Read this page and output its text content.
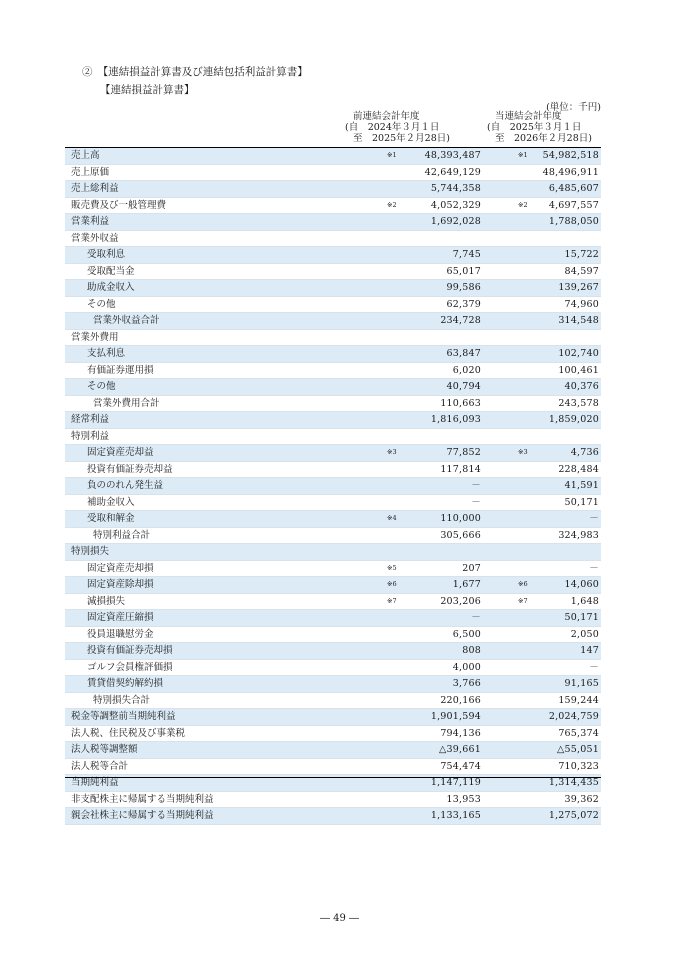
②　【連結損益計算書及び連結包括利益計算書】
【連結損益計算書】
(単位：千円)
前連結会計年度
(自　2024年３月１日
至　2025年２月28日)
当連結会計年度
(自　2025年３月１日
至　2026年２月28日)
売上高	※1	48,393,487	※1 54,982,518
売上原価	42,649,129	48,496,911
売上総利益	5,744,358	6,485,607
販売費及び一般管理費	※2	4,052,329	※2 4,697,557
営業利益	1,692,028	1,788,050
営業外収益
受取利息	7,745	15,722
受取配当金	65,017	84,597
助成金収入	99,586	139,267
その他	62,379	74,960
営業外収益合計	234,728	314,548
営業外費用
支払利息	63,847	102,740
有価証券運用損	6,020	100,461
その他	40,794	40,376
営業外費用合計	110,663	243,578
経常利益	1,816,093	1,859,020
特別利益
固定資産売却益	※3	77,852	※3	4,736
投資有価証券売却益	117,814	228,484
負ののれん発生益	－	41,591
補助金収入	－	50,171
受取和解金	※4	110,000	－
特別利益合計	305,666	324,983
特別損失
固定資産売却損	※5	207	－
固定資産除却損	※6	1,677	※6	14,060
減損損失	※7	203,206	※7	1,648
固定資産圧縮損	－	50,171
役員退職慰労金	6,500	2,050
投資有価証券売却損	808	147
ゴルフ会員権評価損	4,000	－
賃貸借契約解約損	3,766	91,165
特別損失合計	220,166	159,244
税金等調整前当期純利益	1,901,594	2,024,759
法人税、住民税及び事業税	794,136	765,374
法人税等調整額	△39,661	△55,051
法人税等合計	754,474	710,323
当期純利益	1,147,119	1,314,435
非支配株主に帰属する当期純利益	13,953	39,362
親会社株主に帰属する当期純利益	1,133,165	1,275,072
― 49 ―
